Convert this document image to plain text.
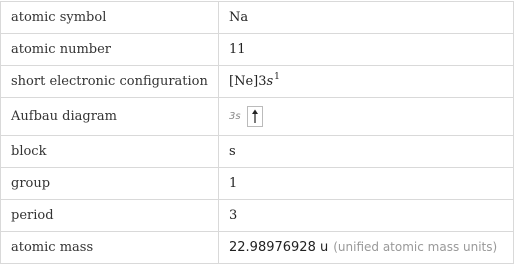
atomic symbol	Na
atomic number	11
short electronic configuration	$[Ne]3s^1$
Aufbau diagram	3s

block	s
group	1
period	3
atomic mass	22.98976928 u (unified atomic mass units)
